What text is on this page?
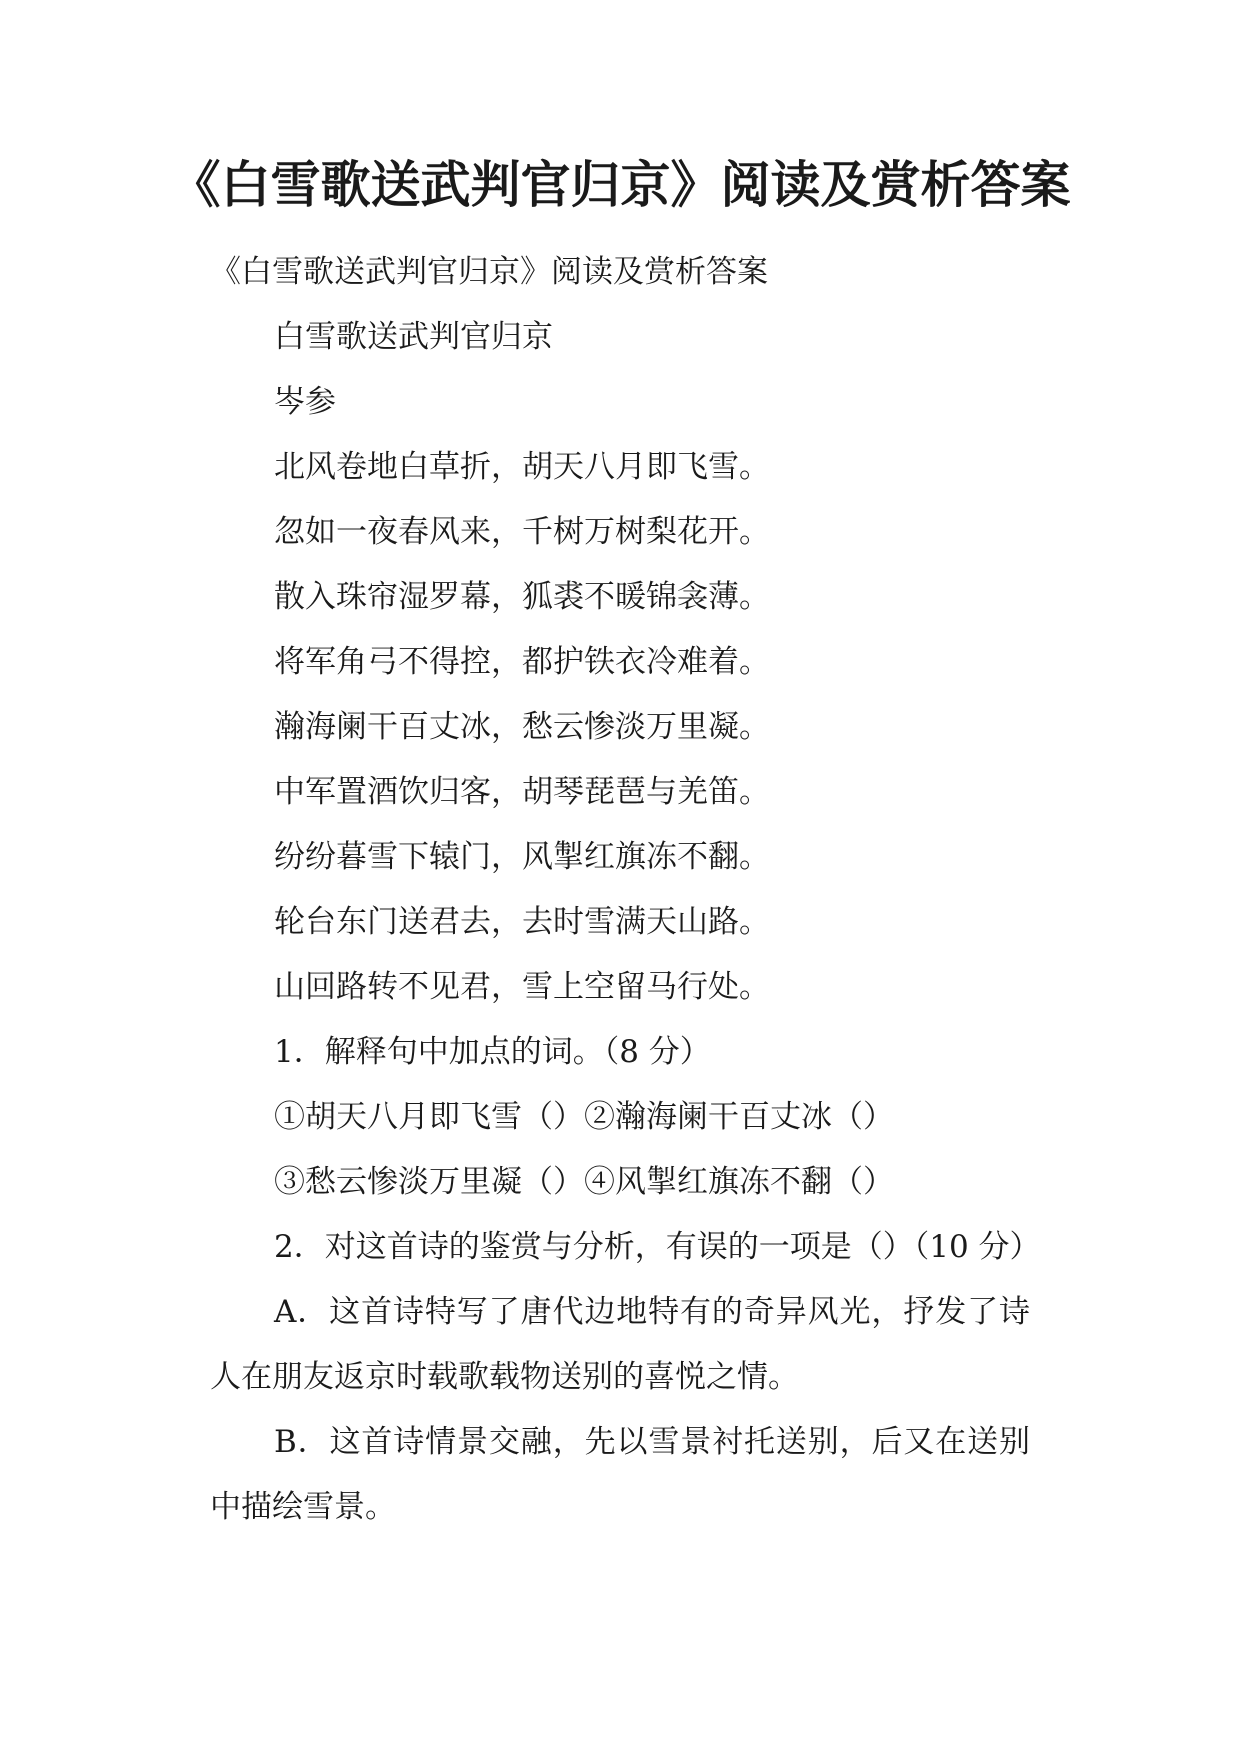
《白雪歌送武判官归京》阅读及赏析答案

《白雪歌送武判官归京》阅读及赏析答案

白雪歌送武判官归京

岑参

北风卷地白草折，胡天八月即飞雪。

忽如一夜春风来，千树万树梨花开。

散入珠帘湿罗幕，狐裘不暖锦衾薄。

将军角弓不得控，都护铁衣冷难着。

瀚海阑干百丈冰，愁云惨淡万里凝。

中军置酒饮归客，胡琴琵琶与羌笛。

纷纷暮雪下辕门，风掣红旗冻不翻。

轮台东门送君去，去时雪满天山路。

山回路转不见君，雪上空留马行处。

1．解释句中加点的词。（8 分）

①胡天八月即飞雪（）②瀚海阑干百丈冰（）

③愁云惨淡万里凝（）④风掣红旗冻不翻（）

2．对这首诗的鉴赏与分析，有误的一项是（）（10 分）

A．这首诗特写了唐代边地特有的奇异风光，抒发了诗人在朋友返京时载歌载物送别的喜悦之情。

B．这首诗情景交融，先以雪景衬托送别，后又在送别中描绘雪景。
